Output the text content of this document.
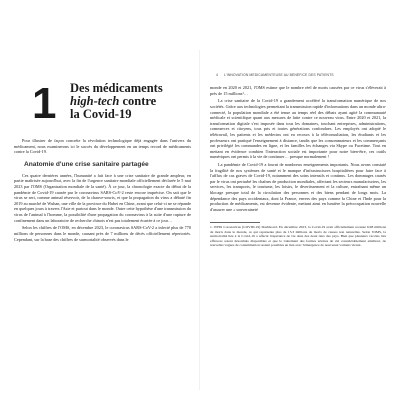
1 Des médicaments
high-tech contre
la Covid-19

Pour illustrer de façon concrète la révolution technologique déjà engagée dans l'univers du médicament, nous examinerons ici le succès du développement en un temps record de médicaments contre la Covid-19.

Anatomie d'une crise sanitaire partagée

Ces quatre dernières années, l'humanité a fait face à une crise sanitaire de grande ampleur, en partie maîtrisée aujourd'hui, avec la fin de l'urgence sanitaire mondiale officiellement déclarée le 5 mai 2023 par l'OMS (Organisation mondiale de la santé). À ce jour, la chronologie exacte du début de la pandémie de Covid-19 causée par le coronavirus SARS-CoV-2 reste encore imprécise. On sait que le virus se sert, comme animal réservoir, de la chauve-souris, et que la propagation du virus a débuté fin 2019 au marché de Wuhan, une ville de la province du Hubei en Chine, avant que celui-ci ne se répande en quelques jours à travers l'Asie et partout dans le monde. Outre cette hypothèse d'une transmission du virus de l'animal à l'homme, la possibilité d'une propagation du coronavirus à la suite d'une rupture de confinement dans un laboratoire de recherche chinois n'est pas totalement écartée à ce jour…

Selon les chiffres de l'OMS, en décembre 2023, le coronavirus SARS-CoV-2 a infecté plus de 770 millions de personnes dans le monde, causant près de 7 millions de décès officiellement répertoriés. Cependant, sur la base des chiffres de surmortalité observés dans le

4 L'INNOVATION MÉDICAMENTEUSE AU BÉNÉFICE DES PATIENTS

monde en 2020 et 2021, l'OMS estime que le nombre réel de morts causées par ce virus s'élèverait à près de 15 millions¹…

La crise sanitaire de la Covid-19 a grandement accéléré la transformation numérique de nos sociétés. Grâce aux technologies permettant la transmission rapide d'informations dans un monde ultra-connecté, la population mondiale a été tenue au temps réel des débats ayant agité la communauté médicale et scientifique quant aux mesures de lutte contre ce nouveau virus. Entre 2020 et 2021, la transformation digitale s'est imposée dans tous les domaines, touchant entreprises, administrations, commerces et citoyens, tous pris et toutes générations confondues. Les employés ont adopté le télétravail, les patients et les médecins ont eu recours à la téléconsultation, les étudiants et les professeurs ont pratiqué l'enseignement à distance, tandis que les consommateurs et les commerçants ont privilégié les commandes en ligne, et les familles les échanges via Skype ou Facetime. Tout en mettant en évidence combien l'interaction sociale est importante pour notre bien-être, ces outils numériques ont permis à la vie de continuer… presque normalement !

La pandémie de Covid-19 a fourni de nombreux enseignements importants. Nous avons constaté la fragilité de nos systèmes de santé et le manque d'infrastructures hospitalières pour faire face à l'afflux de cas graves de Covid-19, notamment des soins intensifs et continus. Les dommages causés par le virus ont perturbé les chaînes de production mondiales, affectant les secteurs manufacturiers, les services, les transports, le tourisme, les loisirs, le divertissement et la culture, entraînant même un blocage presque total de la circulation des personnes et des biens pendant de longs mois. La dépendance des pays occidentaux, dont la France, envers des pays comme la Chine et l'Inde pour la production de médicaments, est devenue évidente, mettant ainsi en lumière la préoccupation nouvelle d'assurer une « souveraineté

1. WHO Coronavirus (COVID-19) Dashboard. En décembre 2023, la Covid-19 avait officiellement recensé 6,98 millions de morts dans le monde, ce qui représente plus de 15,3 millions de morts de causes non naturelles. Selon l'OMS, la surmortalité liée à la Covid-19 a affecté l'espérance de vie dans des deux tiers des pays. Bien que plusieurs vaccins très efficaces soient désormais disponibles et que le traitement des formes sévères ait été considérablement amélioré, de nouvelles vagues de contamination restent possibles en lien avec l'émergence de nouveaux variants viraux.
